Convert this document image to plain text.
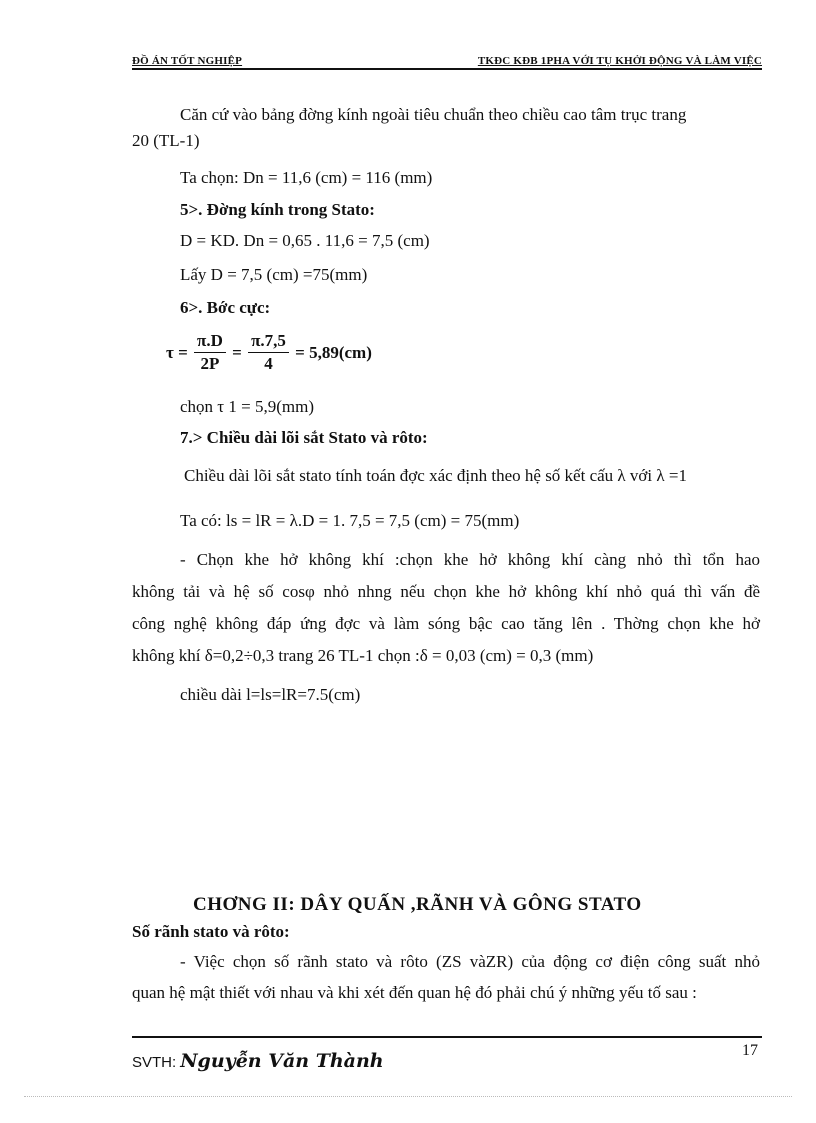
ĐỒ ÁN TỐT NGHIỆP	TKĐC KĐB 1PHA VỚI TỤ KHỞI ĐỘNG VÀ LÀM VIỆC
Căn cứ vào bảng đờng kính ngoài tiêu chuẩn theo chiều cao tâm trục trang
20 (TL-1)
Ta chọn: Dn = 11,6 (cm) = 116 (mm)
5>. Đờng kính trong Stato:
D = KD. Dn = 0,65 . 11,6 = 7,5 (cm)
Lấy D = 7,5 (cm) =75(mm)
6>. Bớc cực:
$\tau = \frac{\pi.D}{2P} = \frac{\pi.7,5}{4} = 5,89(cm)$
chọn τ 1 = 5,9(mm)
7.> Chiều dài lõi sắt Stato và rôto:
Chiều dài lõi sắt stato tính toán đợc xác định theo hệ số kết cấu λ với λ =1
Ta có: ls = lR = λ.D = 1. 7,5 = 7,5 (cm) = 75(mm)
- Chọn khe hở không khí :chọn khe hở không khí càng nhỏ thì tổn hao
không tải và hệ số cosφ nhỏ nhng nếu chọn khe hở không khí nhỏ quá thì vấn đề
công nghệ không đáp ứng đợc và làm sóng bậc cao tăng lên . Thờng chọn khe hở
không khí δ=0,2÷0,3 trang 26 TL-1 chọn :δ = 0,03 (cm) = 0,3 (mm)
chiều dài l=ls=lR=7.5(cm)
CHƠNG II: DÂY QUẤN ,RÃNH VÀ GÔNG STATO
Số rãnh stato và rôto:
- Việc chọn số rãnh stato và rôto (ZS vàZR) của động cơ điện công suất nhỏ
quan hệ mật thiết với nhau và khi xét đến quan hệ đó phải chú ý những yếu tố sau :
SVTH: Nguyễn Văn Thành	17
